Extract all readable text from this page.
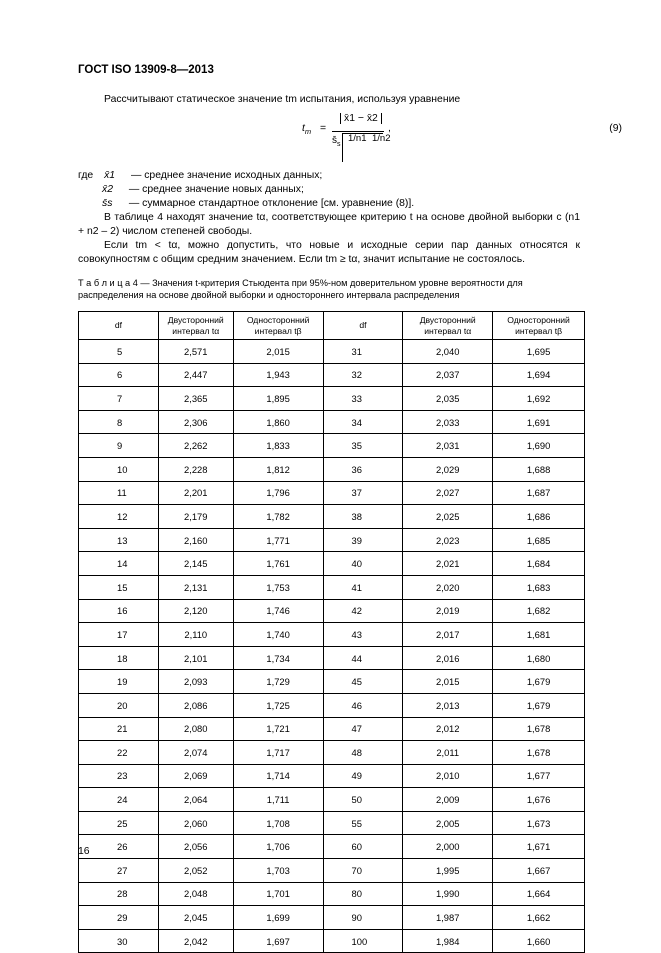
ГОСТ ISO 13909-8—2013
Рассчитывают статическое значение tm испытания, используя уравнение
$t_m$ =
x̄1 − x̄2
$s̄_s$
1/n1 1/n2
,	(9)
где x̄1 — среднее значение исходных данных;
x̄2 — среднее значение новых данных;
s̄s — суммарное стандартное отклонение [см. уравнение (8)].
В таблице 4 находят значение tα, соответствующее критерию t на основе двойной выборки с (n1 + n2 – 2) числом степеней свободы.
Если tm < tα, можно допустить, что новые и исходные серии пар данных относятся к совокупностям с общим средним значением. Если tm ≥ tα, значит испытание не состоялось.
Т а б л и ц а 4 — Значения t-критерия Стьюдента при 95%-ном доверительном уровне вероятности для распределения на основе двойной выборки и одностороннего интервала распределения
df	Двусторонний интервал tα	Односторонний интервал tβ	df	Двусторонний интервал tα	Односторонний интервал tβ
5	2,571	2,015	31	2,040	1,695
6	2,447	1,943	32	2,037	1,694
7	2,365	1,895	33	2,035	1,692
8	2,306	1,860	34	2,033	1,691
9	2,262	1,833	35	2,031	1,690
10	2,228	1,812	36	2,029	1,688
11	2,201	1,796	37	2,027	1,687
12	2,179	1,782	38	2,025	1,686
13	2,160	1,771	39	2,023	1,685
14	2,145	1,761	40	2,021	1,684
15	2,131	1,753	41	2,020	1,683
16	2,120	1,746	42	2,019	1,682
17	2,110	1,740	43	2,017	1,681
18	2,101	1,734	44	2,016	1,680
19	2,093	1,729	45	2,015	1,679
20	2,086	1,725	46	2,013	1,679
21	2,080	1,721	47	2,012	1,678
22	2,074	1,717	48	2,011	1,678
23	2,069	1,714	49	2,010	1,677
24	2,064	1,711	50	2,009	1,676
25	2,060	1,708	55	2,005	1,673
26	2,056	1,706	60	2,000	1,671
27	2,052	1,703	70	1,995	1,667
28	2,048	1,701	80	1,990	1,664
29	2,045	1,699	90	1,987	1,662
30	2,042	1,697	100	1,984	1,660
16
